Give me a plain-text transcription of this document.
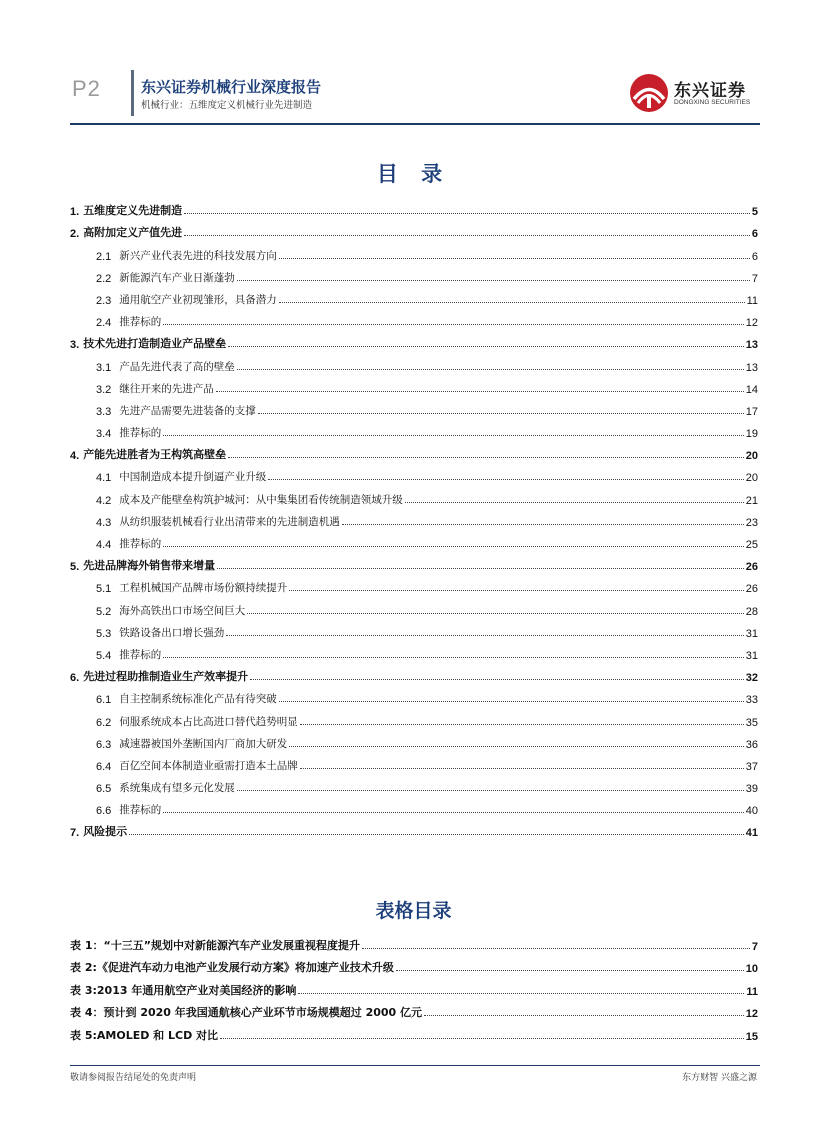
P2	东兴证券机械行业深度报告
机械行业：五维度定义机械行业先进制造
东兴证券
DONGXING SECURITIES
目 录
1. 五维度定义先进制造	5
2. 高附加定义产值先进	6
2.1 新兴产业代表先进的科技发展方向	6
2.2 新能源汽车产业日渐蓬勃	7
2.3 通用航空产业初现雏形，具备潜力	11
2.4 推荐标的	12
3. 技术先进打造制造业产品壁垒	13
3.1 产品先进代表了高的壁垒	13
3.2 继往开来的先进产品	14
3.3 先进产品需要先进装备的支撑	17
3.4 推荐标的	19
4. 产能先进胜者为王构筑高壁垒	20
4.1 中国制造成本提升倒逼产业升级	20
4.2 成本及产能壁垒构筑护城河：从中集集团看传统制造领域升级	21
4.3 从纺织服装机械看行业出清带来的先进制造机遇	23
4.4 推荐标的	25
5. 先进品牌海外销售带来增量	26
5.1 工程机械国产品牌市场份额持续提升	26
5.2 海外高铁出口市场空间巨大	28
5.3 铁路设备出口增长强劲	31
5.4 推荐标的	31
6. 先进过程助推制造业生产效率提升	32
6.1 自主控制系统标准化产品有待突破	33
6.2 伺服系统成本占比高进口替代趋势明显	35
6.3 减速器被国外垄断国内厂商加大研发	36
6.4 百亿空间本体制造业亟需打造本土品牌	37
6.5 系统集成有望多元化发展	39
6.6 推荐标的	40
7. 风险提示	41
表格目录
表 1：“十三五”规划中对新能源汽车产业发展重视程度提升	7
表 2:《促进汽车动力电池产业发展行动方案》将加速产业技术升级	10
表 3:2013 年通用航空产业对美国经济的影响	11
表 4：预计到 2020 年我国通航核心产业环节市场规模超过 2000 亿元	12
表 5:AMOLED 和 LCD 对比	15
敬请参阅报告结尾处的免责声明	东方财智 兴盛之源
